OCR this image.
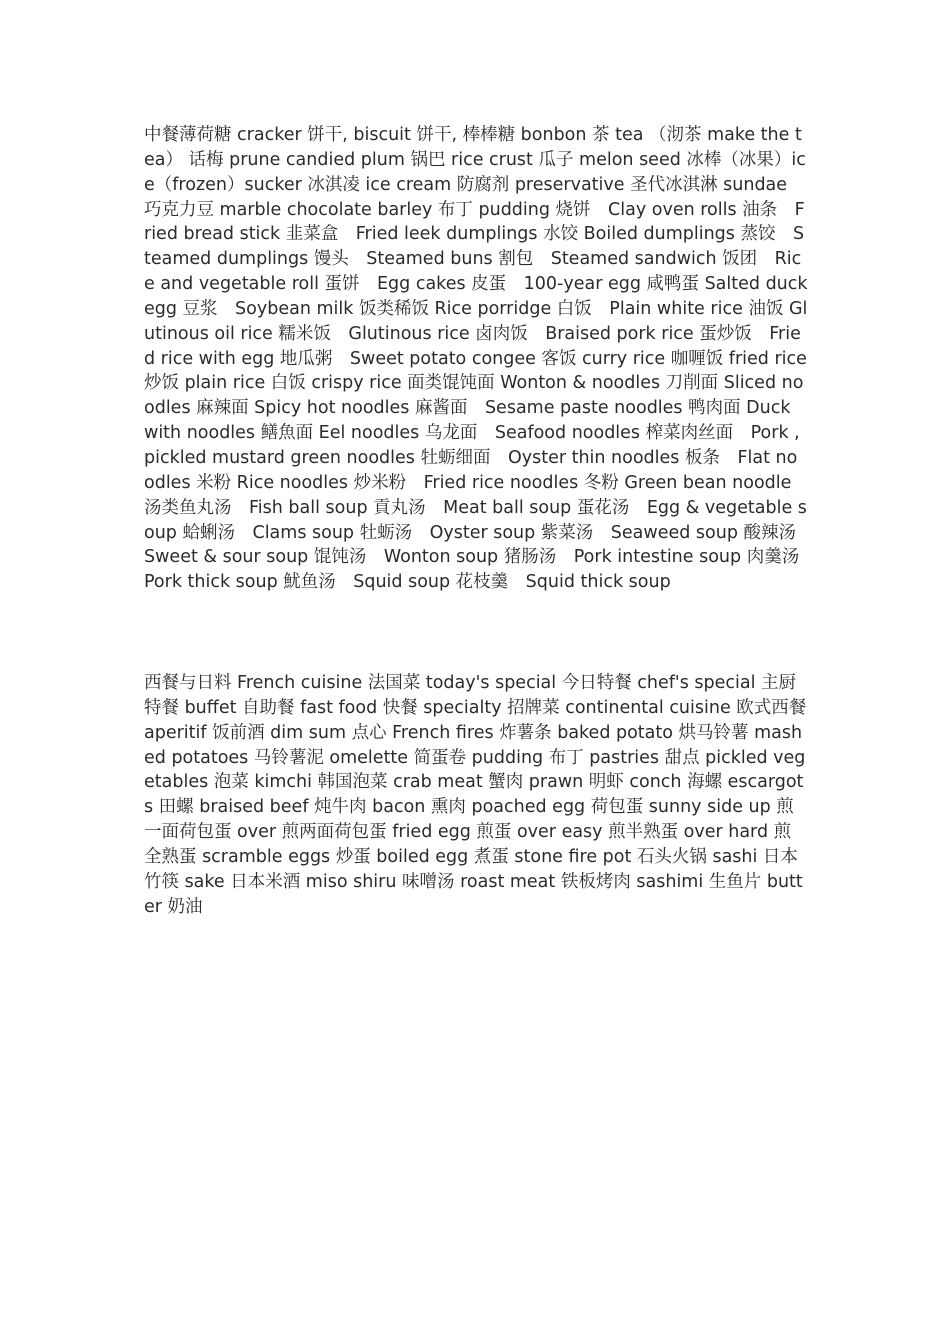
中餐薄荷糖 cracker 饼干, biscuit 饼干, 棒棒糖 bonbon 茶 tea （沏茶 make the tea） 话梅 prune candied plum 锅巴 rice crust 瓜子 melon seed 冰棒（冰果）ice（frozen）sucker 冰淇凌 ice cream 防腐剂 preservative 圣代冰淇淋 sundae 巧克力豆 marble chocolate barley 布丁 pudding 烧饼　Clay oven rolls 油条　Fried bread stick 韭菜盒　Fried leek dumplings 水饺 Boiled dumplings 蒸饺　Steamed dumplings 馒头　Steamed buns 割包　Steamed sandwich 饭团　Rice and vegetable roll 蛋饼　Egg cakes 皮蛋　100-year egg 咸鸭蛋 Salted duck egg 豆浆　Soybean milk 饭类稀饭 Rice porridge 白饭　Plain white rice 油饭 Glutinous oil rice 糯米饭　Glutinous rice 卤肉饭　Braised pork rice 蛋炒饭　Fried rice with egg 地瓜粥　Sweet potato congee 客饭 curry rice 咖喱饭 fried rice 炒饭 plain rice 白饭 crispy rice 面类馄饨面 Wonton & noodles 刀削面 Sliced noodles 麻辣面 Spicy hot noodles 麻酱面　Sesame paste noodles 鸭肉面 Duck with noodles 鳝魚面 Eel noodles 乌龙面　Seafood noodles 榨菜肉丝面　Pork , pickled mustard green noodles 牡蛎细面　Oyster thin noodles 板条　Flat noodles 米粉 Rice noodles 炒米粉　Fried rice noodles 冬粉 Green bean noodle 汤类鱼丸汤　Fish ball soup 貢丸汤　Meat ball soup 蛋花汤　Egg & vegetable soup 蛤蜊汤　Clams soup 牡蛎汤　Oyster soup 紫菜汤　Seaweed soup 酸辣汤　Sweet & sour soup 馄饨汤　Wonton soup 猪肠汤　Pork intestine soup 肉羹汤　Pork thick soup 魷鱼汤　Squid soup 花枝羹　Squid thick soup

西餐与日料 French cuisine 法国菜 today's special 今日特餐 chef's special 主厨特餐 buffet 自助餐 fast food 快餐 specialty 招牌菜 continental cuisine 欧式西餐 aperitif 饭前酒 dim sum 点心 French fires 炸薯条 baked potato 烘马铃薯 mashed potatoes 马铃薯泥 omelette 简蛋卷 pudding 布丁 pastries 甜点 pickled vegetables 泡菜 kimchi 韩国泡菜 crab meat 蟹肉 prawn 明虾 conch 海螺 escargots 田螺 braised beef 炖牛肉 bacon 熏肉 poached egg 荷包蛋 sunny side up 煎一面荷包蛋 over 煎两面荷包蛋 fried egg 煎蛋 over easy 煎半熟蛋 over hard 煎全熟蛋 scramble eggs 炒蛋 boiled egg 煮蛋 stone fire pot 石头火锅 sashi 日本竹筷 sake 日本米酒 miso shiru 味噌汤 roast meat 铁板烤肉 sashimi 生鱼片 butter 奶油
